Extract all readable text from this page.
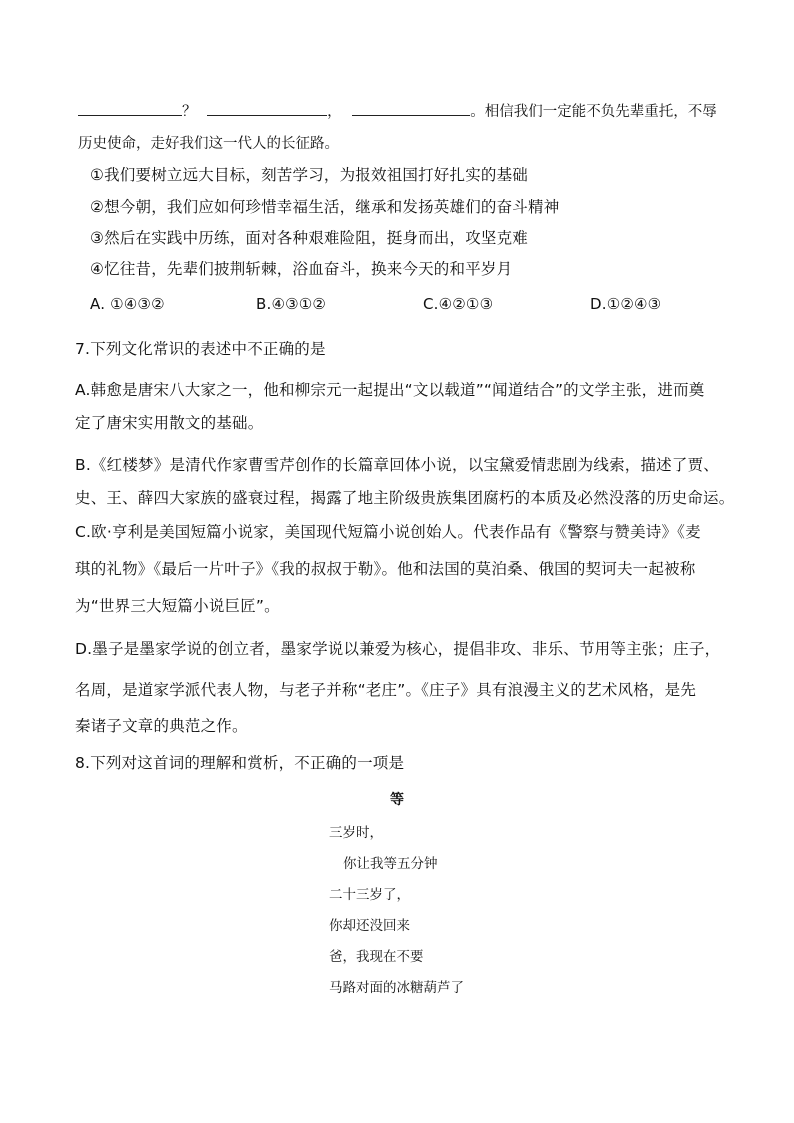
？	，	。相信我们一定能不负先辈重托，不辱
历史使命，走好我们这一代人的长征路。
①我们要树立远大目标，刻苦学习，为报效祖国打好扎实的基础
②想今朝，我们应如何珍惜幸福生活，继承和发扬英雄们的奋斗精神
③然后在实践中历练，面对各种艰难险阻，挺身而出，攻坚克难
④忆往昔，先辈们披荆斩棘，浴血奋斗，换来今天的和平岁月
A. ①④③②	B.④③①②	C.④②①③	D.①②④③
7.下列文化常识的表述中不正确的是
A.韩愈是唐宋八大家之一，他和柳宗元一起提出“文以载道”“闻道结合”的文学主张，进而奠
定了唐宋实用散文的基础。
B.《红楼梦》是清代作家曹雪芹创作的长篇章回体小说，以宝黛爱情悲剧为线索，描述了贾、
史、王、薛四大家族的盛衰过程，揭露了地主阶级贵族集团腐朽的本质及必然没落的历史命运。
C.欧·亨利是美国短篇小说家，美国现代短篇小说创始人。代表作品有《警察与赞美诗》《麦
琪的礼物》《最后一片叶子》《我的叔叔于勒》。他和法国的莫泊桑、俄国的契诃夫一起被称
为“世界三大短篇小说巨匠”。
D.墨子是墨家学说的创立者，墨家学说以兼爱为核心，提倡非攻、非乐、节用等主张；庄子，
名周，是道家学派代表人物，与老子并称“老庄”。《庄子》具有浪漫主义的艺术风格，是先
秦诸子文章的典范之作。
8.下列对这首词的理解和赏析，不正确的一项是
等
三岁时，
你让我等五分钟
二十三岁了，
你却还没回来
爸，我现在不要
马路对面的冰糖葫芦了
